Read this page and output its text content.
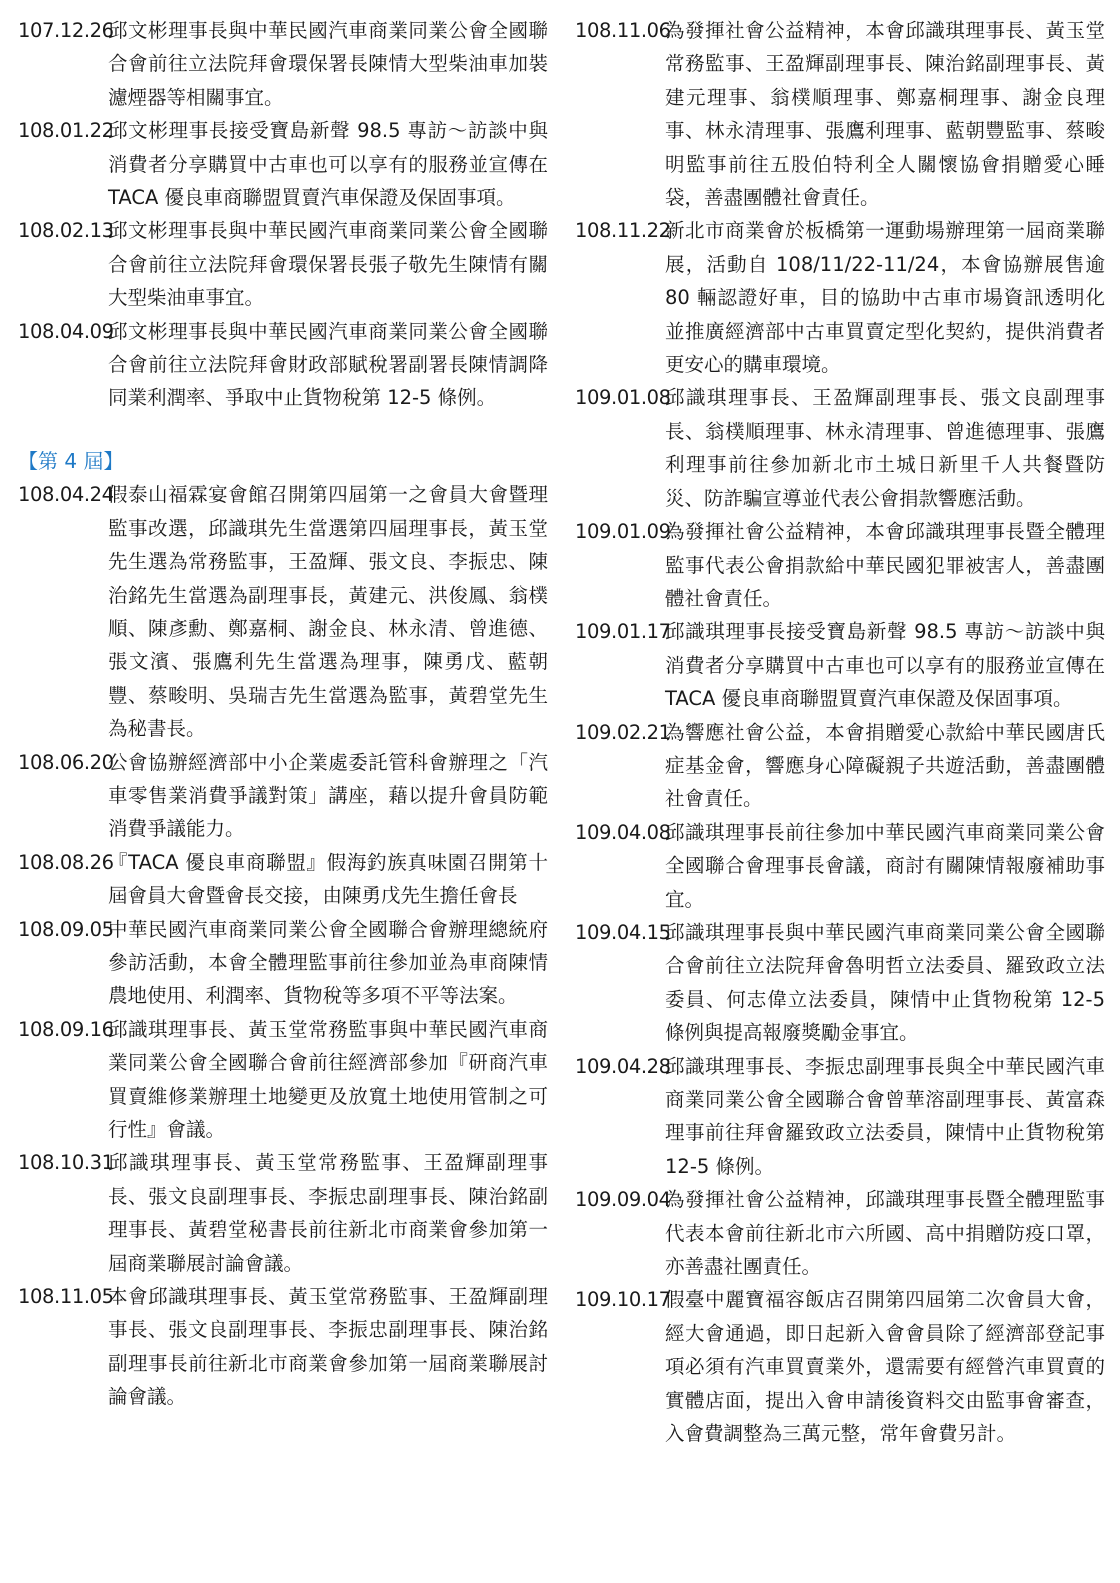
107.12.26
邱文彬理事長與中華民國汽車商業同業公會全國聯合會前往立法院拜會環保署長陳情大型柴油車加裝濾煙器等相關事宜。
108.01.22
邱文彬理事長接受寶島新聲 98.5 專訪～訪談中與消費者分享購買中古車也可以享有的服務並宣傳在 TACA 優良車商聯盟買賣汽車保證及保固事項。
108.02.13
邱文彬理事長與中華民國汽車商業同業公會全國聯合會前往立法院拜會環保署長張子敬先生陳情有關大型柴油車事宜。
108.04.09
邱文彬理事長與中華民國汽車商業同業公會全國聯合會前往立法院拜會財政部賦稅署副署長陳情調降同業利潤率、爭取中止貨物稅第 12-5 條例。
【第 4 屆】
108.04.24
假泰山福霖宴會館召開第四屆第一之會員大會暨理監事改選，邱識琪先生當選第四屆理事長，黃玉堂先生選為常務監事，王盈輝、張文良、李振忠、陳治銘先生當選為副理事長，黃建元、洪俊鳳、翁樸順、陳彥勳、鄭嘉桐、謝金良、林永清、曾進德、張文濱、張鷹利先生當選為理事，陳勇戊、藍朝豐、蔡畯明、吳瑞吉先生當選為監事，黃碧堂先生為秘書長。
108.06.20
公會協辦經濟部中小企業處委託管科會辦理之「汽車零售業消費爭議對策」講座，藉以提升會員防範消費爭議能力。
108.08.26
『TACA 優良車商聯盟』假海釣族真味園召開第十屆會員大會暨會長交接，由陳勇戊先生擔任會長
108.09.05
中華民國汽車商業同業公會全國聯合會辦理總統府參訪活動，本會全體理監事前往參加並為車商陳情農地使用、利潤率、貨物稅等多項不平等法案。
108.09.16
邱識琪理事長、黃玉堂常務監事與中華民國汽車商業同業公會全國聯合會前往經濟部參加『研商汽車買賣維修業辦理土地變更及放寬土地使用管制之可行性』會議。
108.10.31
邱識琪理事長、黃玉堂常務監事、王盈輝副理事長、張文良副理事長、李振忠副理事長、陳治銘副理事長、黃碧堂秘書長前往新北市商業會參加第一屆商業聯展討論會議。
108.11.05
本會邱識琪理事長、黃玉堂常務監事、王盈輝副理事長、張文良副理事長、李振忠副理事長、陳治銘副理事長前往新北市商業會參加第一屆商業聯展討論會議。
108.11.06
為發揮社會公益精神，本會邱識琪理事長、黃玉堂常務監事、王盈輝副理事長、陳治銘副理事長、黃建元理事、翁樸順理事、鄭嘉桐理事、謝金良理事、林永清理事、張鷹利理事、藍朝豐監事、蔡畯明監事前往五股伯特利全人關懷協會捐贈愛心睡袋，善盡團體社會責任。
108.11.22
新北市商業會於板橋第一運動場辦理第一屆商業聯展，活動自 108/11/22-11/24，本會協辦展售逾 80 輛認證好車，目的協助中古車市場資訊透明化並推廣經濟部中古車買賣定型化契約，提供消費者更安心的購車環境。
109.01.08
邱識琪理事長、王盈輝副理事長、張文良副理事長、翁樸順理事、林永清理事、曾進德理事、張鷹利理事前往參加新北市土城日新里千人共餐暨防災、防詐騙宣導並代表公會捐款響應活動。
109.01.09
為發揮社會公益精神，本會邱識琪理事長暨全體理監事代表公會捐款給中華民國犯罪被害人，善盡團體社會責任。
109.01.17
邱識琪理事長接受寶島新聲 98.5 專訪～訪談中與消費者分享購買中古車也可以享有的服務並宣傳在 TACA 優良車商聯盟買賣汽車保證及保固事項。
109.02.21
為響應社會公益，本會捐贈愛心款給中華民國唐氏症基金會，響應身心障礙親子共遊活動，善盡團體社會責任。
109.04.08
邱識琪理事長前往參加中華民國汽車商業同業公會全國聯合會理事長會議，商討有關陳情報廢補助事宜。
109.04.15
邱識琪理事長與中華民國汽車商業同業公會全國聯合會前往立法院拜會魯明哲立法委員、羅致政立法委員、何志偉立法委員，陳情中止貨物稅第 12-5 條例與提高報廢獎勵金事宜。
109.04.28
邱識琪理事長、李振忠副理事長與全中華民國汽車商業同業公會全國聯合會曾華溶副理事長、黃富森理事前往拜會羅致政立法委員，陳情中止貨物稅第 12-5 條例。
109.09.04
為發揮社會公益精神，邱識琪理事長暨全體理監事代表本會前往新北市六所國、高中捐贈防疫口罩，亦善盡社團責任。
109.10.17
假臺中麗寶福容飯店召開第四屆第二次會員大會，經大會通過，即日起新入會會員除了經濟部登記事項必須有汽車買賣業外，還需要有經營汽車買賣的實體店面，提出入會申請後資料交由監事會審查，入會費調整為三萬元整，常年會費另計。
